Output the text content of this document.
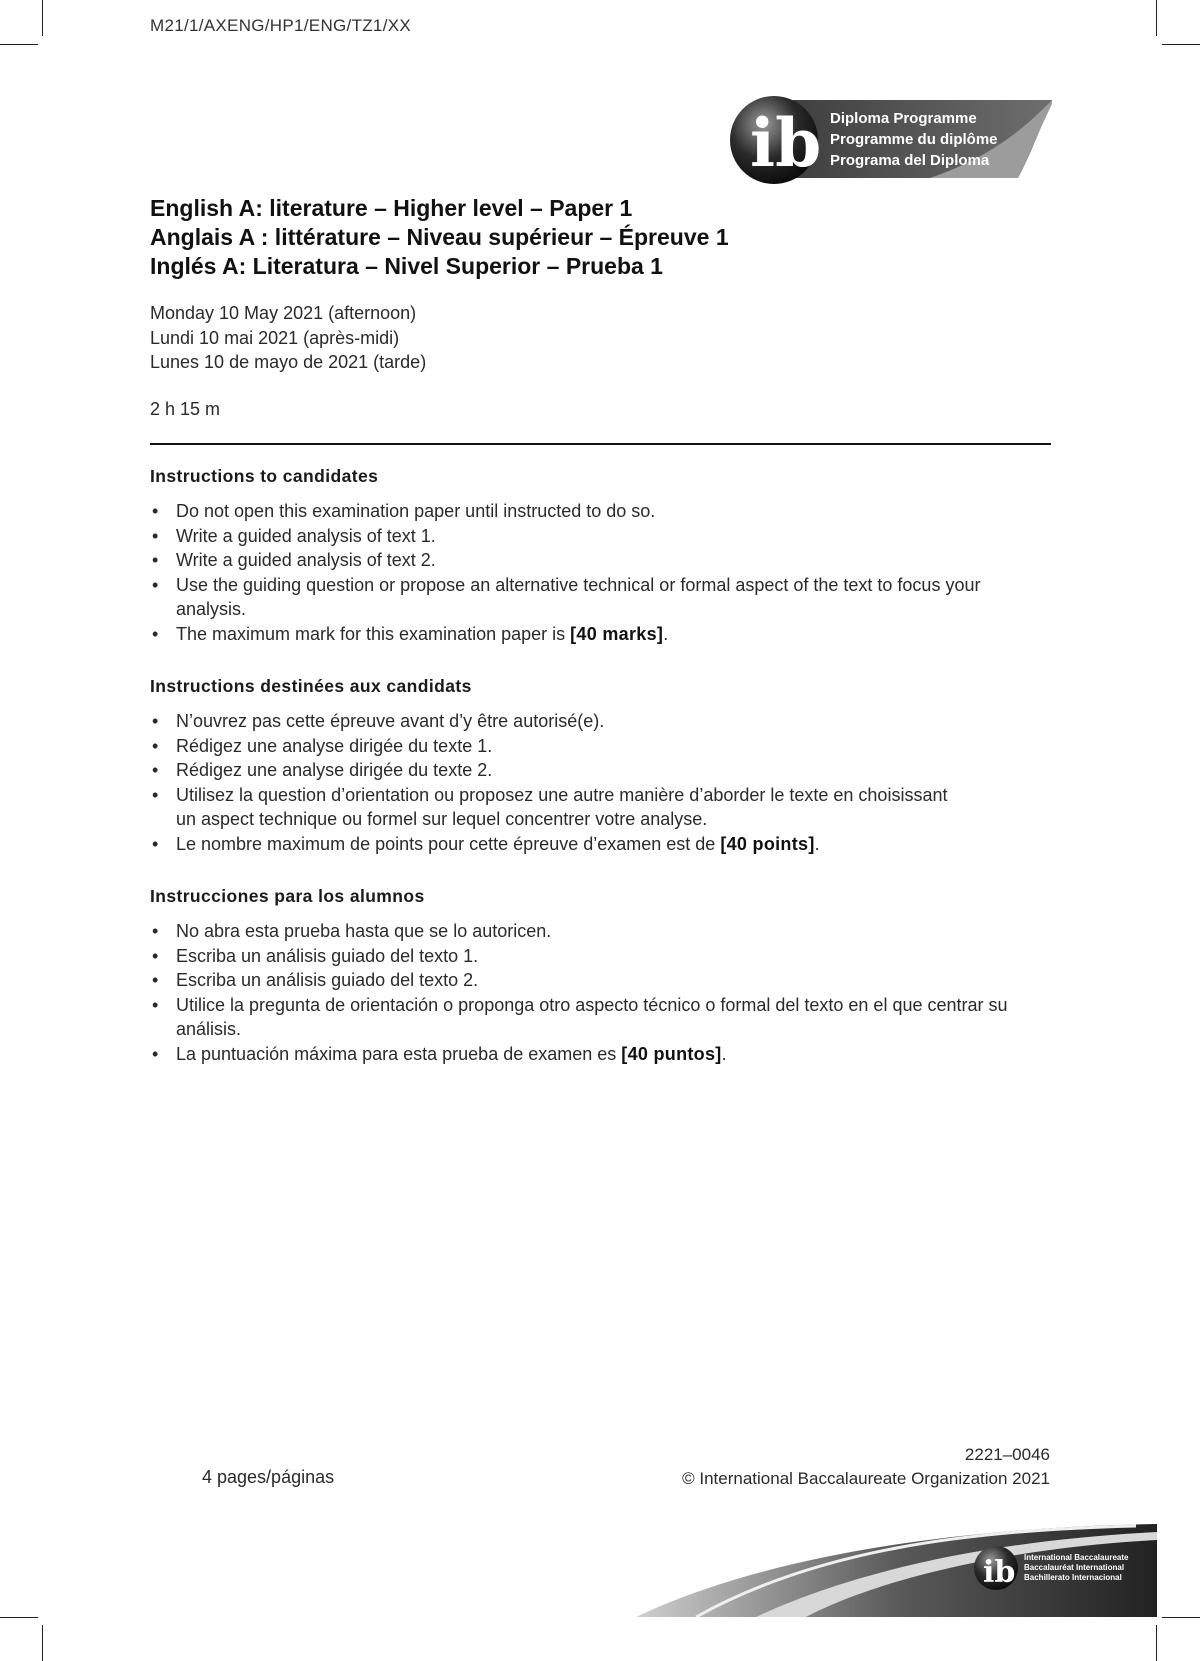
M21/1/AXENG/HP1/ENG/TZ1/XX
ib Diploma Programme
Programme du diplôme
Programa del Diploma
English A: literature – Higher level – Paper 1
Anglais A : littérature – Niveau supérieur – Épreuve 1
Inglés A: Literatura – Nivel Superior – Prueba 1
Monday 10 May 2021 (afternoon)
Lundi 10 mai 2021 (après-midi)
Lunes 10 de mayo de 2021 (tarde)
2 h 15 m
Instructions to candidates
• Do not open this examination paper until instructed to do so.
• Write a guided analysis of text 1.
• Write a guided analysis of text 2.
• Use the guiding question or propose an alternative technical or formal aspect of the text to focus your analysis.
• The maximum mark for this examination paper is [40 marks].
Instructions destinées aux candidats
• N’ouvrez pas cette épreuve avant d’y être autorisé(e).
• Rédigez une analyse dirigée du texte 1.
• Rédigez une analyse dirigée du texte 2.
• Utilisez la question d’orientation ou proposez une autre manière d’aborder le texte en choisissant un aspect technique ou formel sur lequel concentrer votre analyse.
• Le nombre maximum de points pour cette épreuve d’examen est de [40 points].
Instrucciones para los alumnos
• No abra esta prueba hasta que se lo autoricen.
• Escriba un análisis guiado del texto 1.
• Escriba un análisis guiado del texto 2.
• Utilice la pregunta de orientación o proponga otro aspecto técnico o formal del texto en el que centrar su análisis.
• La puntuación máxima para esta prueba de examen es [40 puntos].
4 pages/páginas
2221–0046
© International Baccalaureate Organization 2021
ib International Baccalaureate
Baccalauréat International
Bachillerato Internacional
